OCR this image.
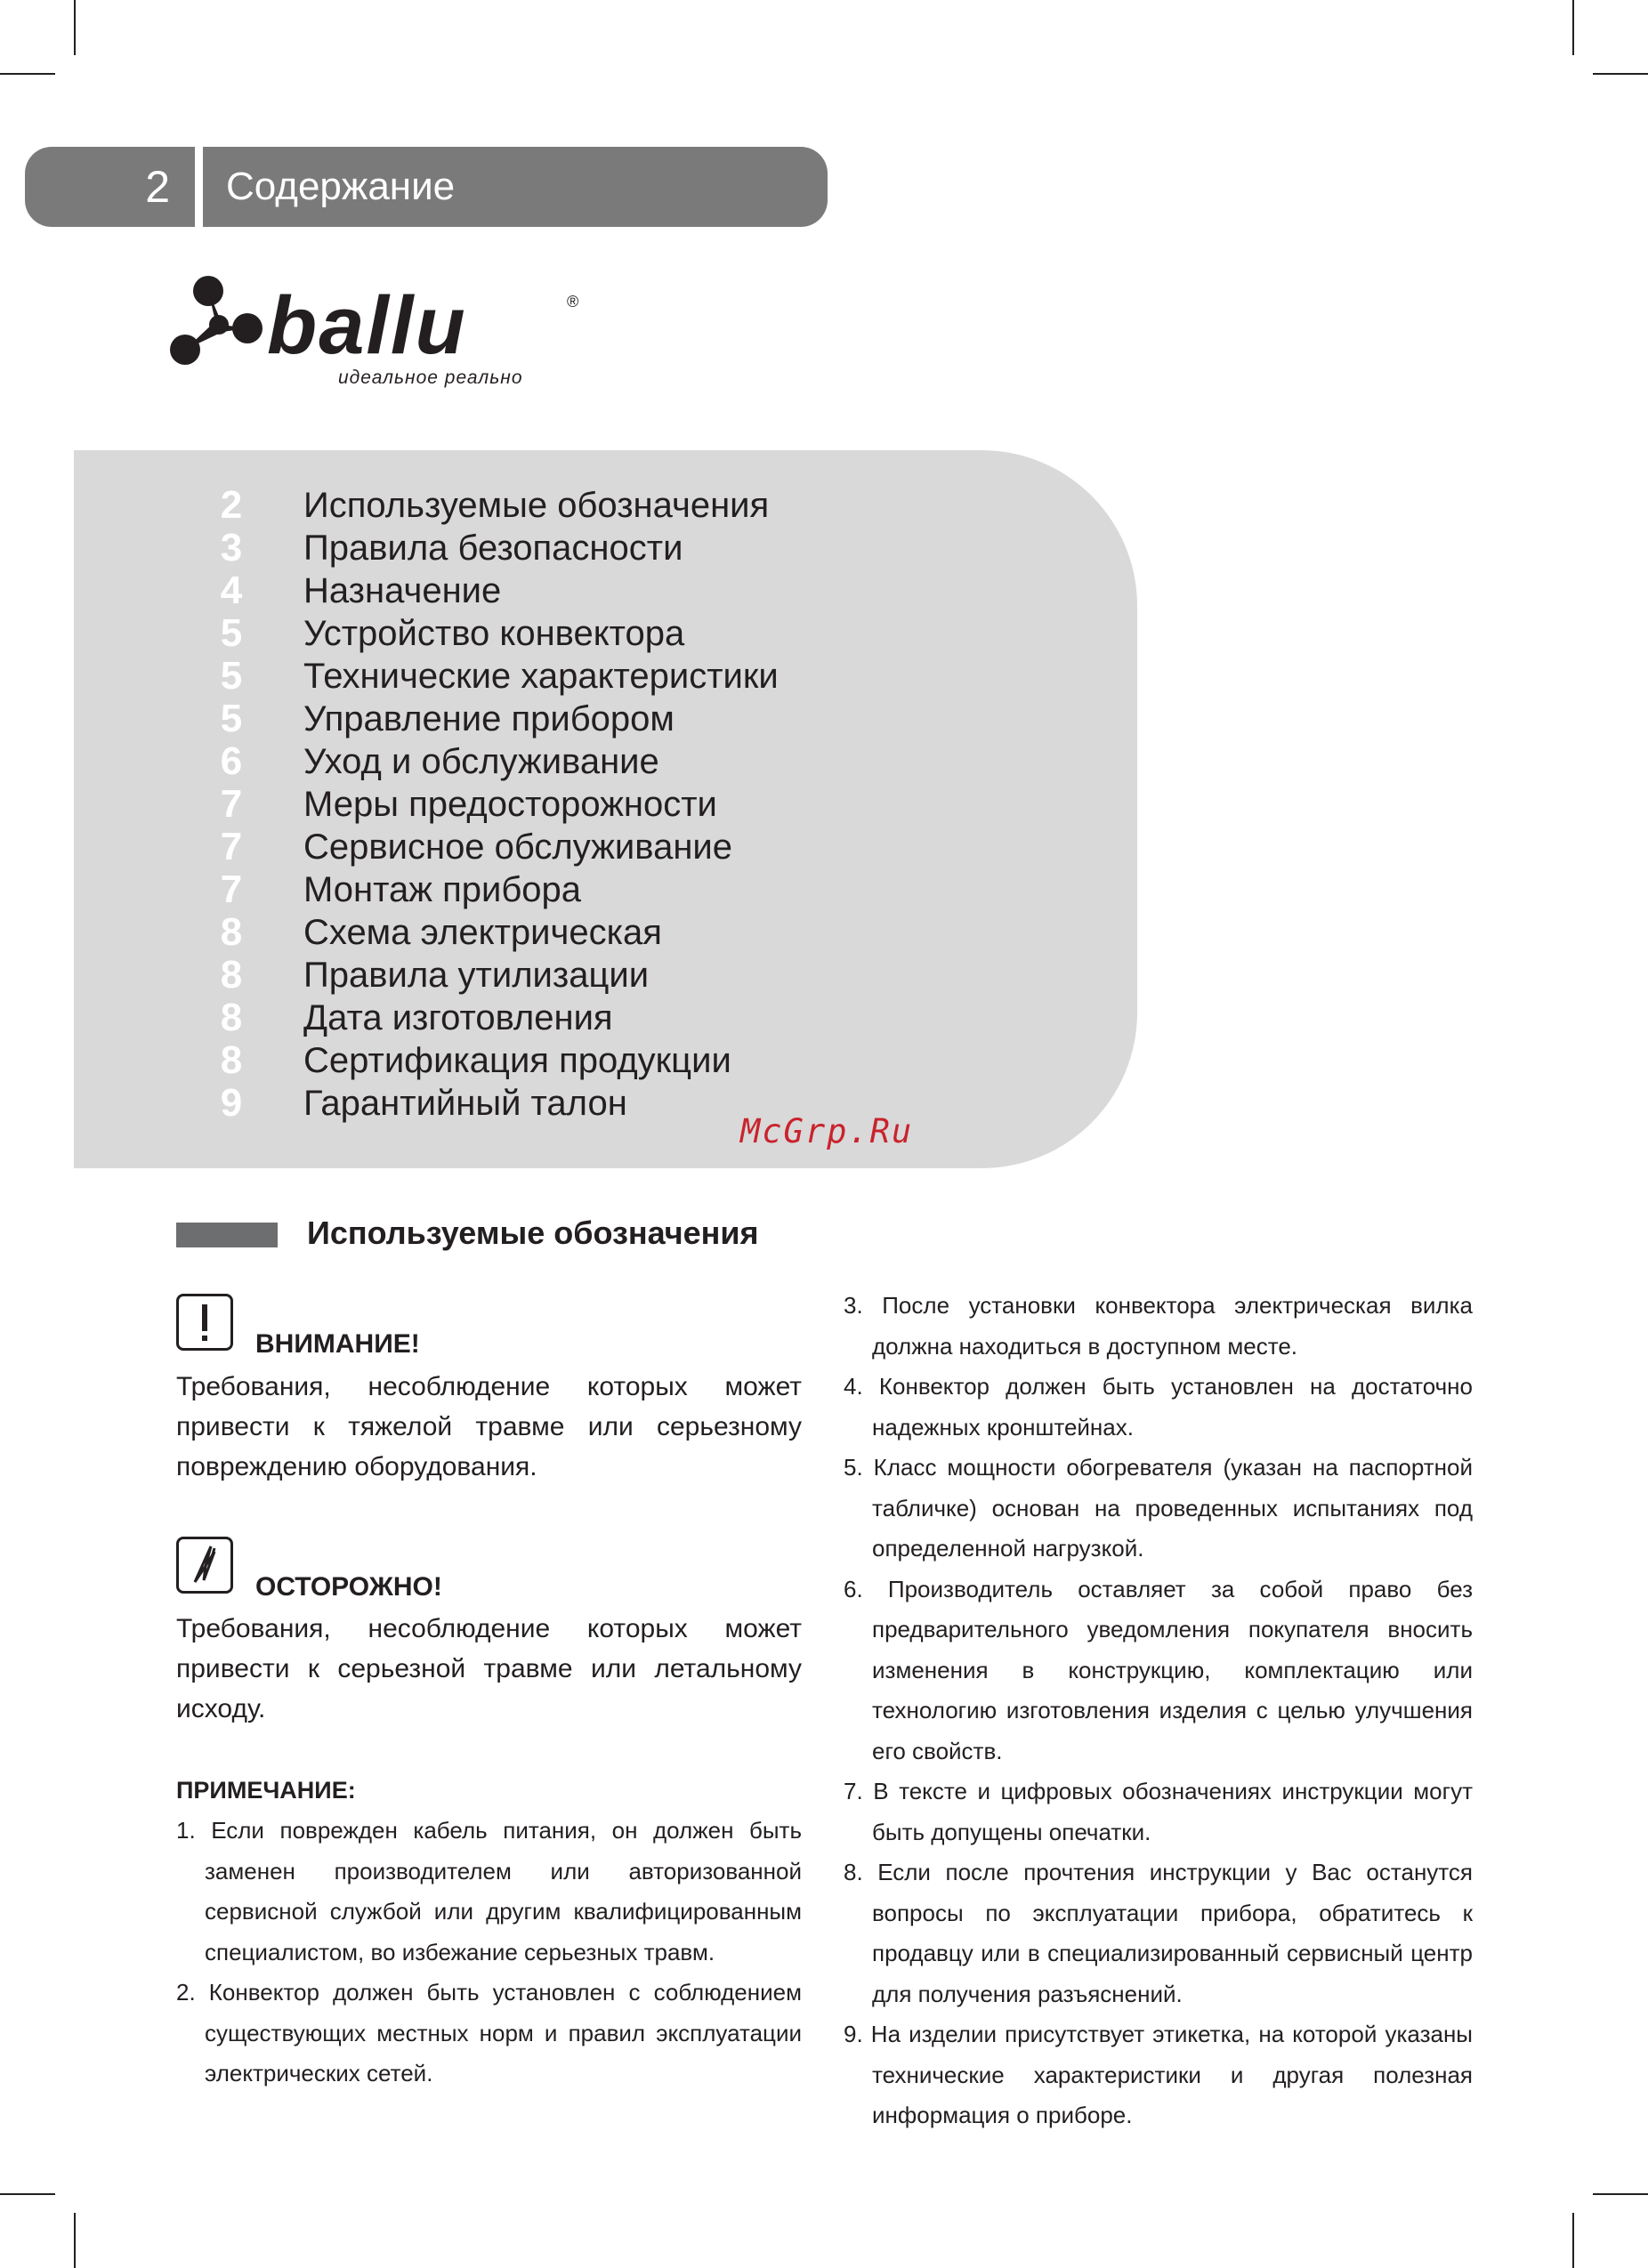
2	Содержание
ballu	®
идеальное реально
2	Используемые обозначения
3	Правила безопасности
4	Назначение
5	Устройство конвектора
5	Технические характеристики
5	Управление прибором
6	Уход и обслуживание
7	Меры предосторожности
7	Сервисное обслуживание
7	Монтаж прибора
8	Схема электрическая
8	Правила утилизации
8	Дата изготовления
8	Сертификация продукции
9	Гарантийный талон
McGrp.Ru
Используемые обозначения
ВНИМАНИЕ!
Требования, несоблюдение которых может привести к тяжелой травме или серьезному повреждению оборудования.
ОСТОРОЖНО!
Требования, несоблюдение которых может привести к серьезной травме или летальному исходу.
ПРИМЕЧАНИЕ:
1. Если поврежден кабель питания, он должен быть заменен производителем или авторизованной сервисной службой или другим квалифицированным специалистом, во избежание серьезных травм.
2. Конвектор должен быть установлен с соблюдением существующих местных норм и правил эксплуатации электрических сетей.
3. После установки конвектора электрическая вилка должна находиться в доступном месте.
4. Конвектор должен быть установлен на достаточно надежных кронштейнах.
5. Класс мощности обогревателя (указан на паспортной табличке) основан на проведенных испытаниях под определенной нагрузкой.
6. Производитель оставляет за собой право без предварительного уведомления покупателя вносить изменения в конструкцию, комплектацию или технологию изготовления изделия с целью улучшения его свойств.
7. В тексте и цифровых обозначениях инструкции могут быть допущены опечатки.
8. Если после прочтения инструкции у Вас останутся вопросы по эксплуатации прибора, обратитесь к продавцу или в специализированный сервисный центр для получения разъяснений.
9. На изделии присутствует этикетка, на которой указаны технические характеристики и другая полезная информация о приборе.
